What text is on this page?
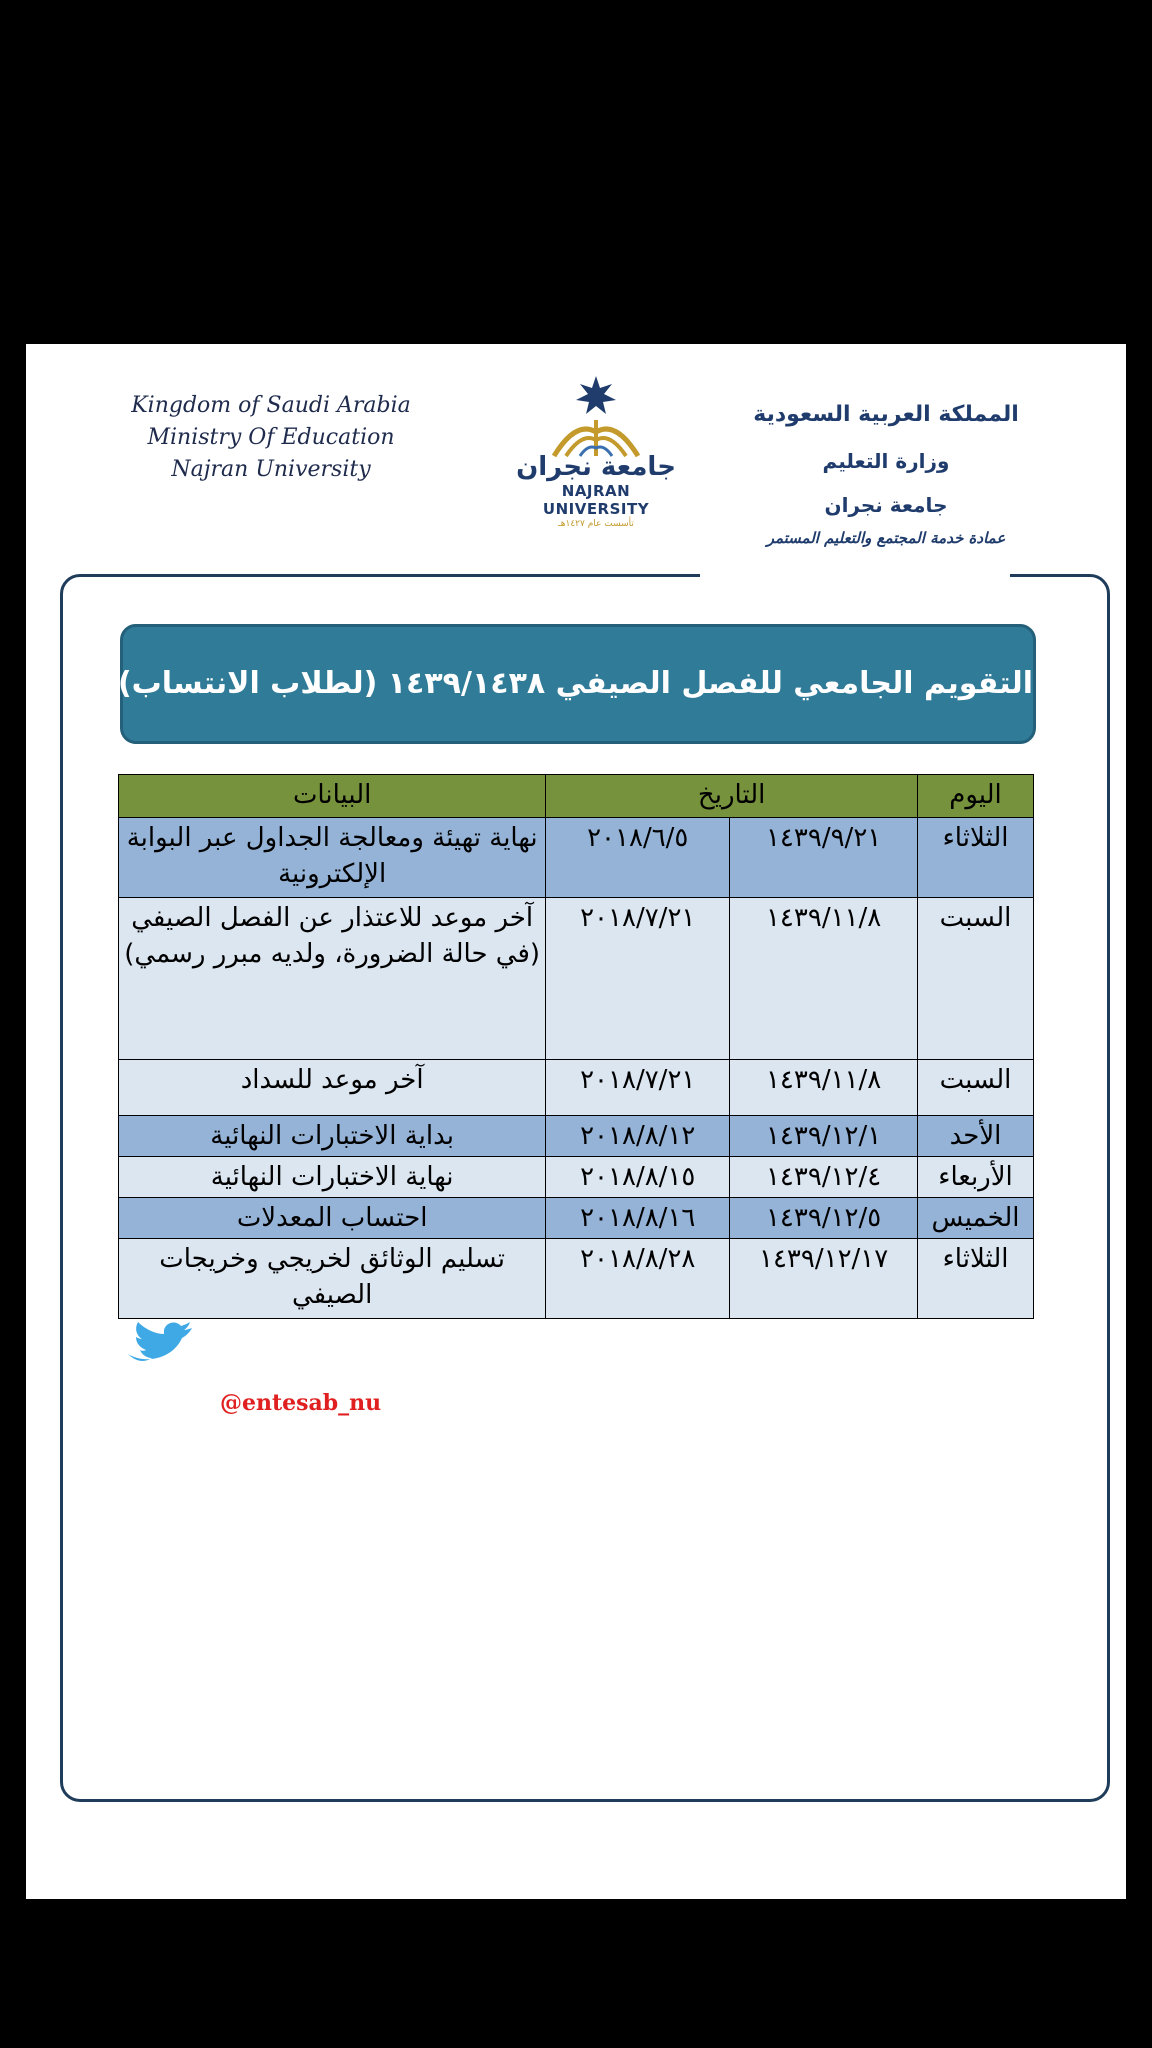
Kingdom of Saudi Arabia
Ministry Of Education
Najran University	جامعة نجران
NAJRAN UNIVERSITY
تأسست عام ١٤٢٧هـ
المملكة العربية السعودية
وزارة التعليم
جامعة نجران
عمادة خدمة المجتمع والتعليم المستمر
التقويم الجامعي للفصل الصيفي ١٤٣٩/١٤٣٨ (لطلاب الانتساب)
اليوم	التاريخ		البيانات
الثلاثاء	١٤٣٩/٩/٢١	٢٠١٨/٦/٥	نهاية تهيئة ومعالجة الجداول عبر البوابة الإلكترونية
السبت	١٤٣٩/١١/٨	٢٠١٨/٧/٢١	آخر موعد للاعتذار عن الفصل الصيفي (في حالة الضرورة، ولديه مبرر رسمي)
السبت	١٤٣٩/١١/٨	٢٠١٨/٧/٢١	آخر موعد للسداد
الأحد	١٤٣٩/١٢/١	٢٠١٨/٨/١٢	بداية الاختبارات النهائية
الأربعاء	١٤٣٩/١٢/٤	٢٠١٨/٨/١٥	نهاية الاختبارات النهائية
الخميس	١٤٣٩/١٢/٥	٢٠١٨/٨/١٦	احتساب المعدلات
الثلاثاء	١٤٣٩/١٢/١٧	٢٠١٨/٨/٢٨	تسليم الوثائق لخريجي وخريجات الصيفي
@entesab_nu
